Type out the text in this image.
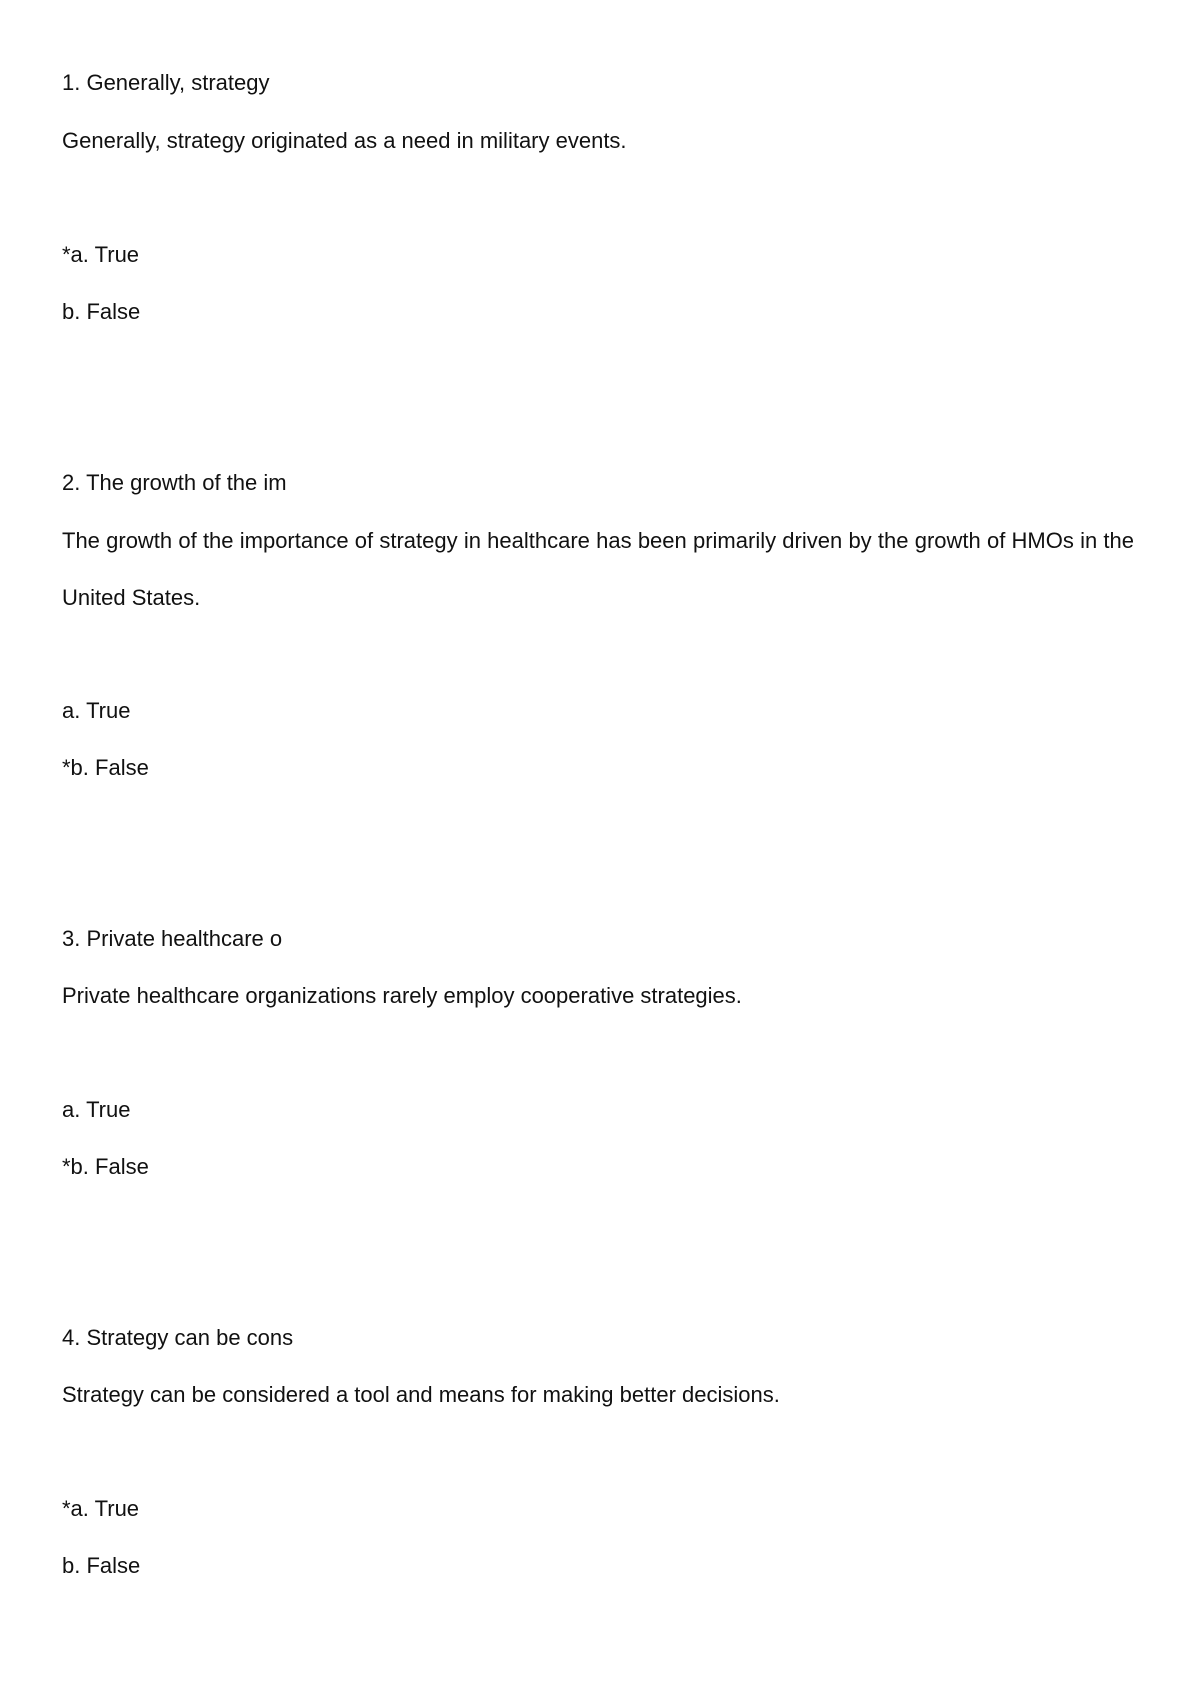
1. Generally, strategy
Generally, strategy originated as a need in military events.
*a. True
b. False
2. The growth of the im
The growth of the importance of strategy in healthcare has been primarily driven by the growth of HMOs in the United States.
a. True
*b. False
3. Private healthcare o
Private healthcare organizations rarely employ cooperative strategies.
a. True
*b. False
4. Strategy can be cons
Strategy can be considered a tool and means for making better decisions.
*a. True
b. False
